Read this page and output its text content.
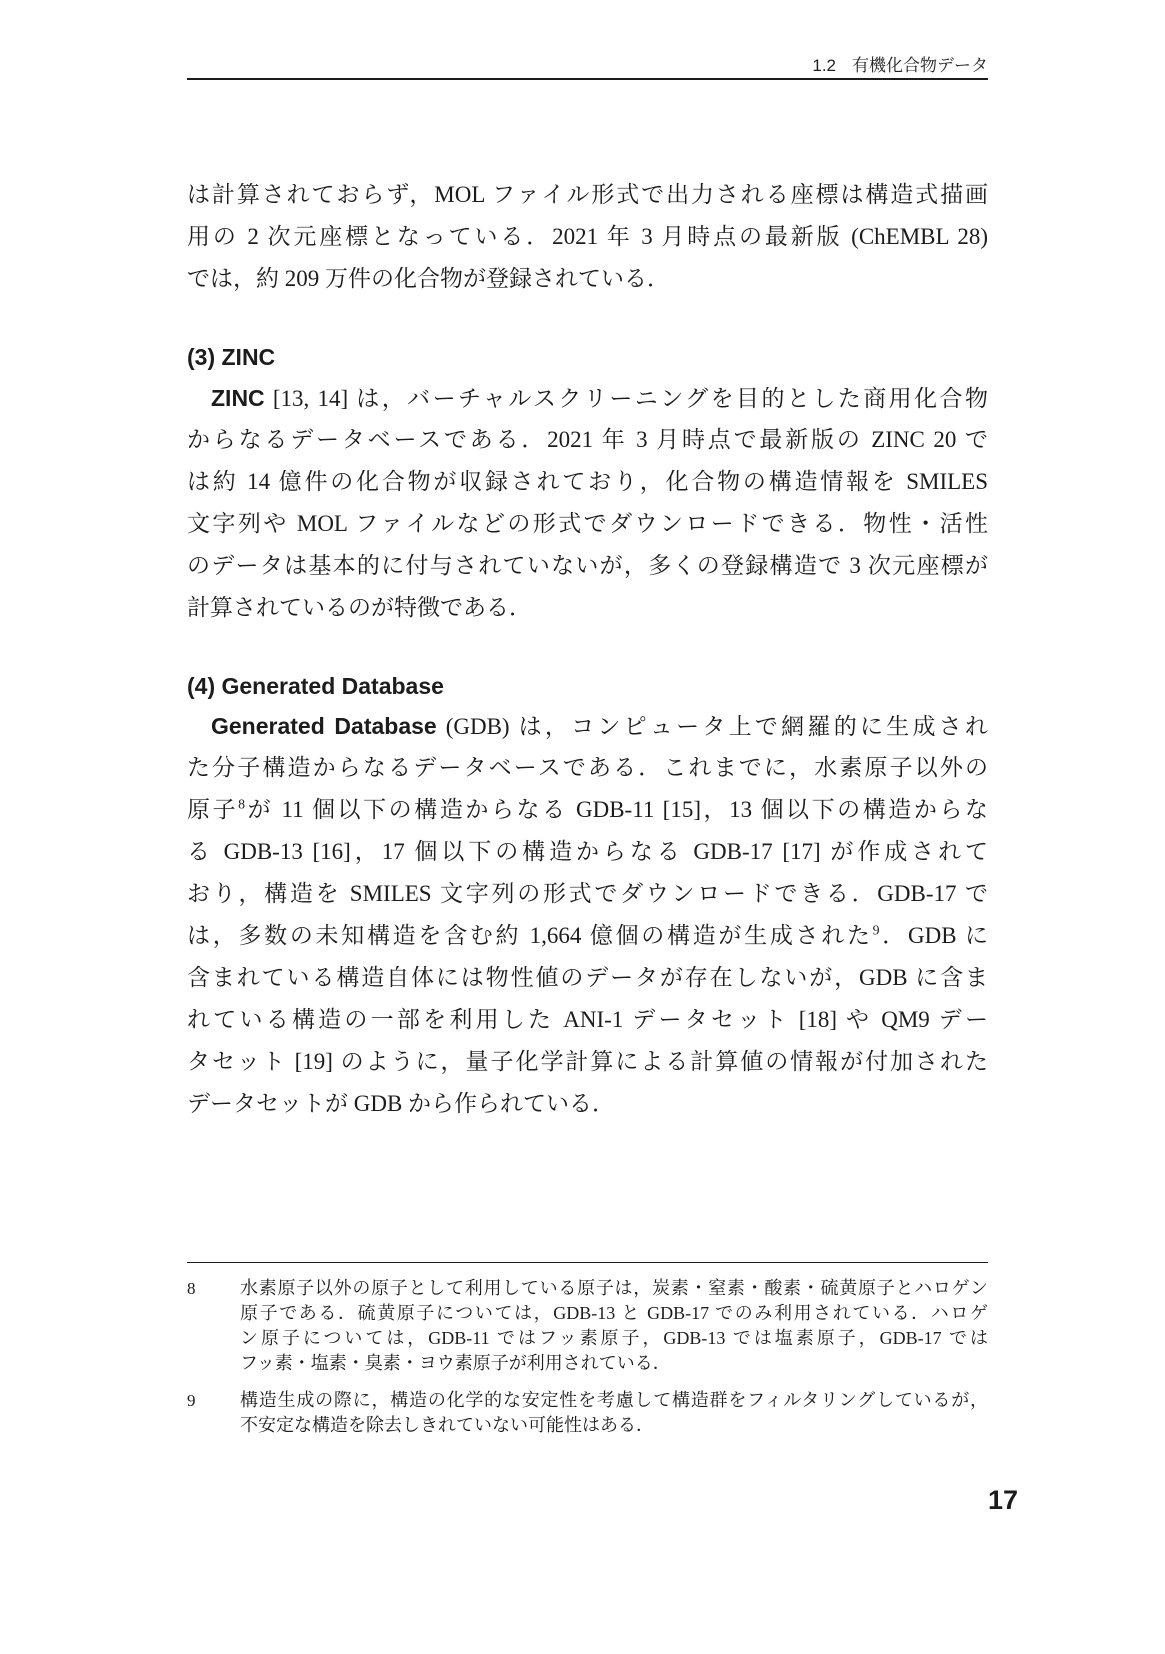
1.2 有機化合物データ
は計算されておらず，MOL ファイル形式で出力される座標は構造式描画
用の 2 次元座標となっている．2021 年 3 月時点の最新版 (ChEMBL 28)
では，約 209 万件の化合物が登録されている．
(3) ZINC
ZINC [13, 14] は，バーチャルスクリーニングを目的とした商用化合物
からなるデータベースである．2021 年 3 月時点で最新版の ZINC 20 で
は約 14 億件の化合物が収録されており，化合物の構造情報を SMILES
文字列や MOL ファイルなどの形式でダウンロードできる．物性・活性
のデータは基本的に付与されていないが，多くの登録構造で 3 次元座標が
計算されているのが特徴である．
(4) Generated Database
Generated Database (GDB) は，コンピュータ上で網羅的に生成され
た分子構造からなるデータベースである．これまでに，水素原子以外の
原子$^8$が 11 個以下の構造からなる GDB-11 [15]，13 個以下の構造からな
る GDB-13 [16]，17 個以下の構造からなる GDB-17 [17] が作成されて
おり，構造を SMILES 文字列の形式でダウンロードできる．GDB-17 で
は，多数の未知構造を含む約 1,664 億個の構造が生成された$^9$．GDB に
含まれている構造自体には物性値のデータが存在しないが，GDB に含ま
れている構造の一部を利用した ANI-1 データセット [18] や QM9 デー
タセット [19] のように，量子化学計算による計算値の情報が付加された
データセットが GDB から作られている．
8 水素原子以外の原子として利用している原子は，炭素・窒素・酸素・硫黄原子とハロゲン
原子である．硫黄原子については，GDB-13 と GDB-17 でのみ利用されている．ハロゲ
ン原子については，GDB-11 ではフッ素原子，GDB-13 では塩素原子，GDB-17 では
フッ素・塩素・臭素・ヨウ素原子が利用されている．
9 構造生成の際に，構造の化学的な安定性を考慮して構造群をフィルタリングしているが，
不安定な構造を除去しきれていない可能性はある．
17
